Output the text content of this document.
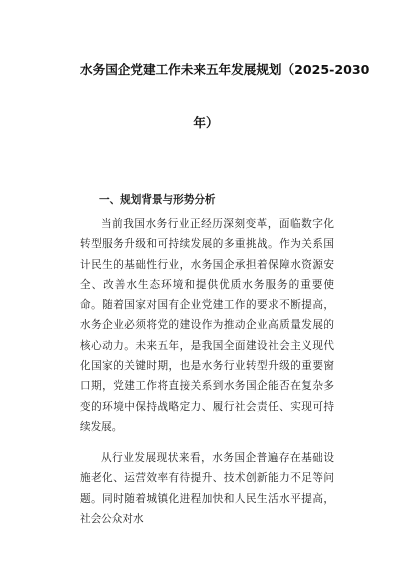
水务国企党建工作未来五年发展规划（2025-2030
年）
一、规划背景与形势分析

当前我国水务行业正经历深刻变革，面临数字化转型服务升级和可持续发展的多重挑战。作为关系国计民生的基础性行业，水务国企承担着保障水资源安全、改善水生态环境和提供优质水务服务的重要使命。随着国家对国有企业党建工作的要求不断提高，水务企业必须将党的建设作为推动企业高质量发展的核心动力。未来五年，是我国全面建设社会主义现代化国家的关键时期，也是水务行业转型升级的重要窗口期，党建工作将直接关系到水务国企能否在复杂多变的环境中保持战略定力、履行社会责任、实现可持续发展。

从行业发展现状来看，水务国企普遍存在基础设施老化、运营效率有待提升、技术创新能力不足等问题。同时随着城镇化进程加快和人民生活水平提高，社会公众对水
